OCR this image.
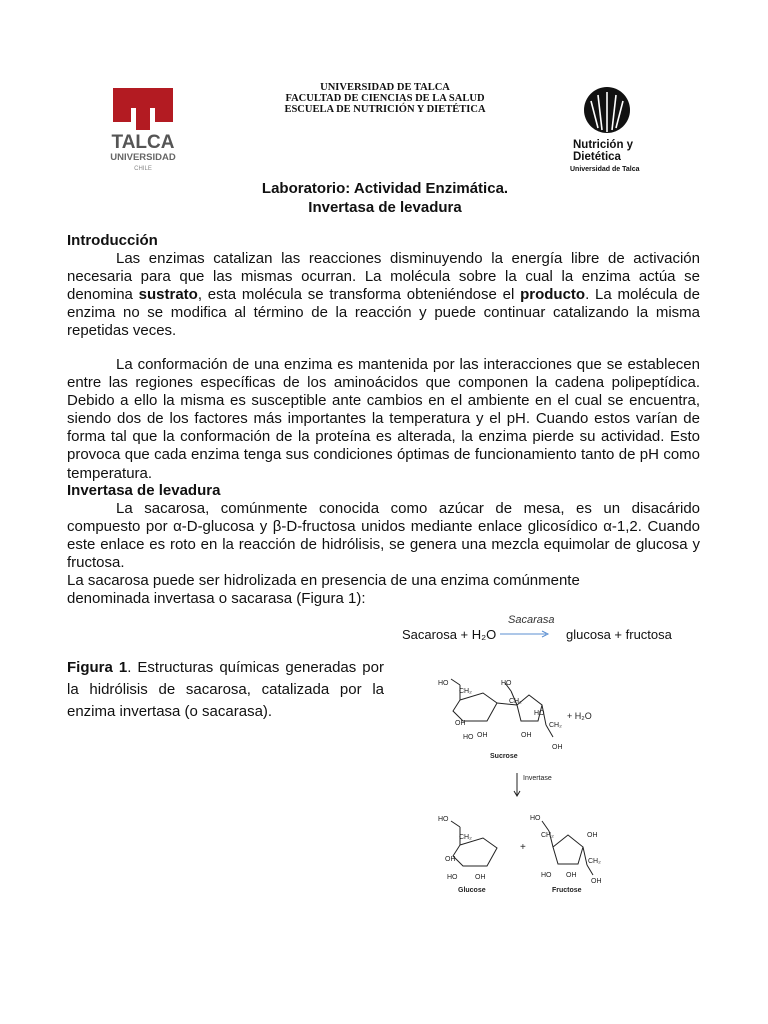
TALCA
UNIVERSIDAD
CHILE
UNIVERSIDAD DE TALCA
FACULTAD DE CIENCIAS DE LA SALUD
ESCUELA DE NUTRICIÓN Y DIETÉTICA
Nutrición y
Dietética
Universidad de Talca
Laboratorio: Actividad Enzimática.
Invertasa de levadura
Introducción

Las enzimas catalizan las reacciones disminuyendo la energía libre de activación necesaria para que las mismas ocurran. La molécula sobre la cual la enzima actúa se denomina sustrato, esta molécula se transforma obteniéndose el producto. La molécula de enzima no se modifica al término de la reacción y puede continuar catalizando la misma repetidas veces.

La conformación de una enzima es mantenida por las interacciones que se establecen entre las regiones específicas de los aminoácidos que componen la cadena polipeptídica. Debido a ello la misma es susceptible ante cambios en el ambiente en el cual se encuentra, siendo dos de los factores más importantes la temperatura y el pH. Cuando estos varían de forma tal que la conformación de la proteína es alterada, la enzima pierde su actividad. Esto provoca que cada enzima tenga sus condiciones óptimas de funcionamiento tanto de pH como temperatura.

Invertasa de levadura

La sacarosa, comúnmente conocida como azúcar de mesa, es un disacárido compuesto por α-D-glucosa y β-D-fructosa unidos mediante enlace glicosídico α-1,2. Cuando este enlace es roto en la reacción de hidrólisis, se genera una mezcla equimolar de glucosa y fructosa.

La sacarosa puede ser hidrolizada en presencia de una enzima comúnmente
denominada invertasa o sacarasa (Figura 1):
Sacarosa + H₂O
Sacarasa
→ glucosa + fructosa
Figura 1. Estructuras químicas generadas por la hidrólisis de sacarosa, catalizada por la enzima invertasa (o sacarasa).
HO
CH₂
OH
HO OH
HO
CH₂
HO
OH
CH₂
OH
HO
CH₂
OH
HO	OH
HO
CH₂	OH
HO OH
CH₂
OH
+ H₂O
+
Sucrose
Invertase
Glucose	Fructose
